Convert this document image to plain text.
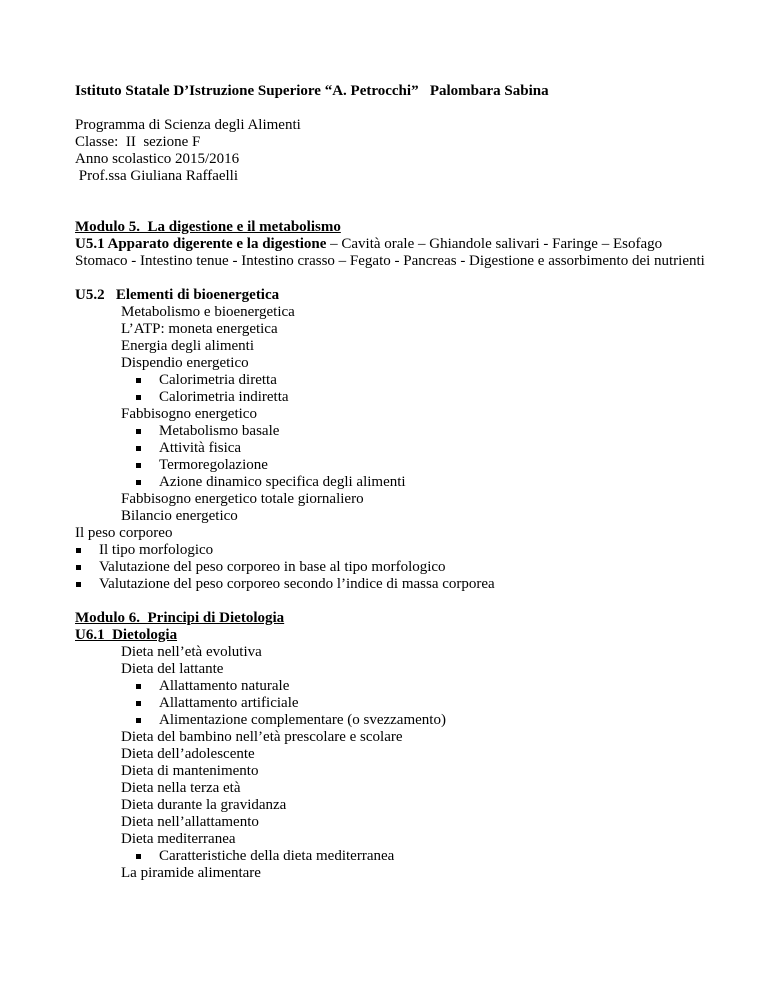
Istituto Statale D’Istruzione Superiore “A. Petrocchi”   Palombara Sabina
Programma di Scienza degli Alimenti
Classe:  II  sezione F
Anno scolastico 2015/2016
Prof.ssa Giuliana Raffaelli
Modulo 5.  La digestione e il metabolismo
U5.1 Apparato digerente e la digestione – Cavità orale – Ghiandole salivari - Faringe – Esofago Stomaco - Intestino tenue - Intestino crasso – Fegato - Pancreas - Digestione e assorbimento dei nutrienti
U5.2   Elementi di bioenergetica
Metabolismo e bioenergetica
L’ATP: moneta energetica
Energia degli alimenti
Dispendio energetico
Calorimetria diretta
Calorimetria indiretta
Fabbisogno energetico
Metabolismo basale
Attività fisica
Termoregolazione
Azione dinamico specifica degli alimenti
Fabbisogno energetico totale giornaliero
Bilancio energetico
Il peso corporeo
Il tipo morfologico
Valutazione del peso corporeo in base al tipo morfologico
Valutazione del peso corporeo secondo l’indice di massa corporea
Modulo 6.  Principi di Dietologia
U6.1  Dietologia
Dieta nell’età evolutiva
Dieta del lattante
Allattamento naturale
Allattamento artificiale
Alimentazione complementare (o svezzamento)
Dieta del bambino nell’età prescolare e scolare
Dieta dell’adolescente
Dieta di mantenimento
Dieta nella terza età
Dieta durante la gravidanza
Dieta nell’allattamento
Dieta mediterranea
Caratteristiche della dieta mediterranea
La piramide alimentare
